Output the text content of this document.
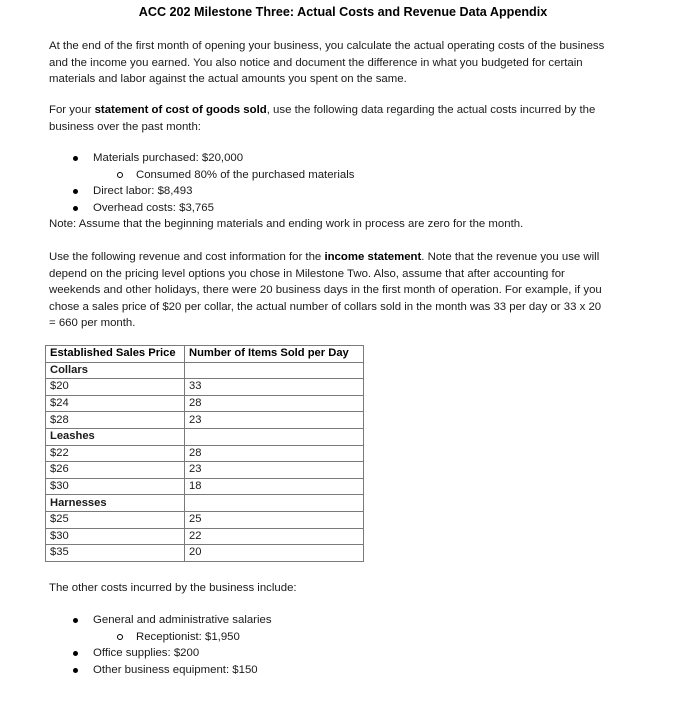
ACC 202 Milestone Three: Actual Costs and Revenue Data Appendix
At the end of the first month of opening your business, you calculate the actual operating costs of the business and the income you earned. You also notice and document the difference in what you budgeted for certain materials and labor against the actual amounts you spent on the same.
For your statement of cost of goods sold, use the following data regarding the actual costs incurred by the business over the past month:
Materials purchased: $20,000
Consumed 80% of the purchased materials
Direct labor: $8,493
Overhead costs: $3,765
Note: Assume that the beginning materials and ending work in process are zero for the month.
Use the following revenue and cost information for the income statement. Note that the revenue you use will depend on the pricing level options you chose in Milestone Two. Also, assume that after accounting for weekends and other holidays, there were 20 business days in the first month of operation. For example, if you chose a sales price of $20 per collar, the actual number of collars sold in the month was 33 per day or 33 x 20 = 660 per month.
Established Sales Price	Number of Items Sold per Day
Collars	
$20	33
$24	28
$28	23
Leashes	
$22	28
$26	23
$30	18
Harnesses	
$25	25
$30	22
$35	20
The other costs incurred by the business include:
General and administrative salaries
Receptionist: $1,950
Office supplies: $200
Other business equipment: $150
